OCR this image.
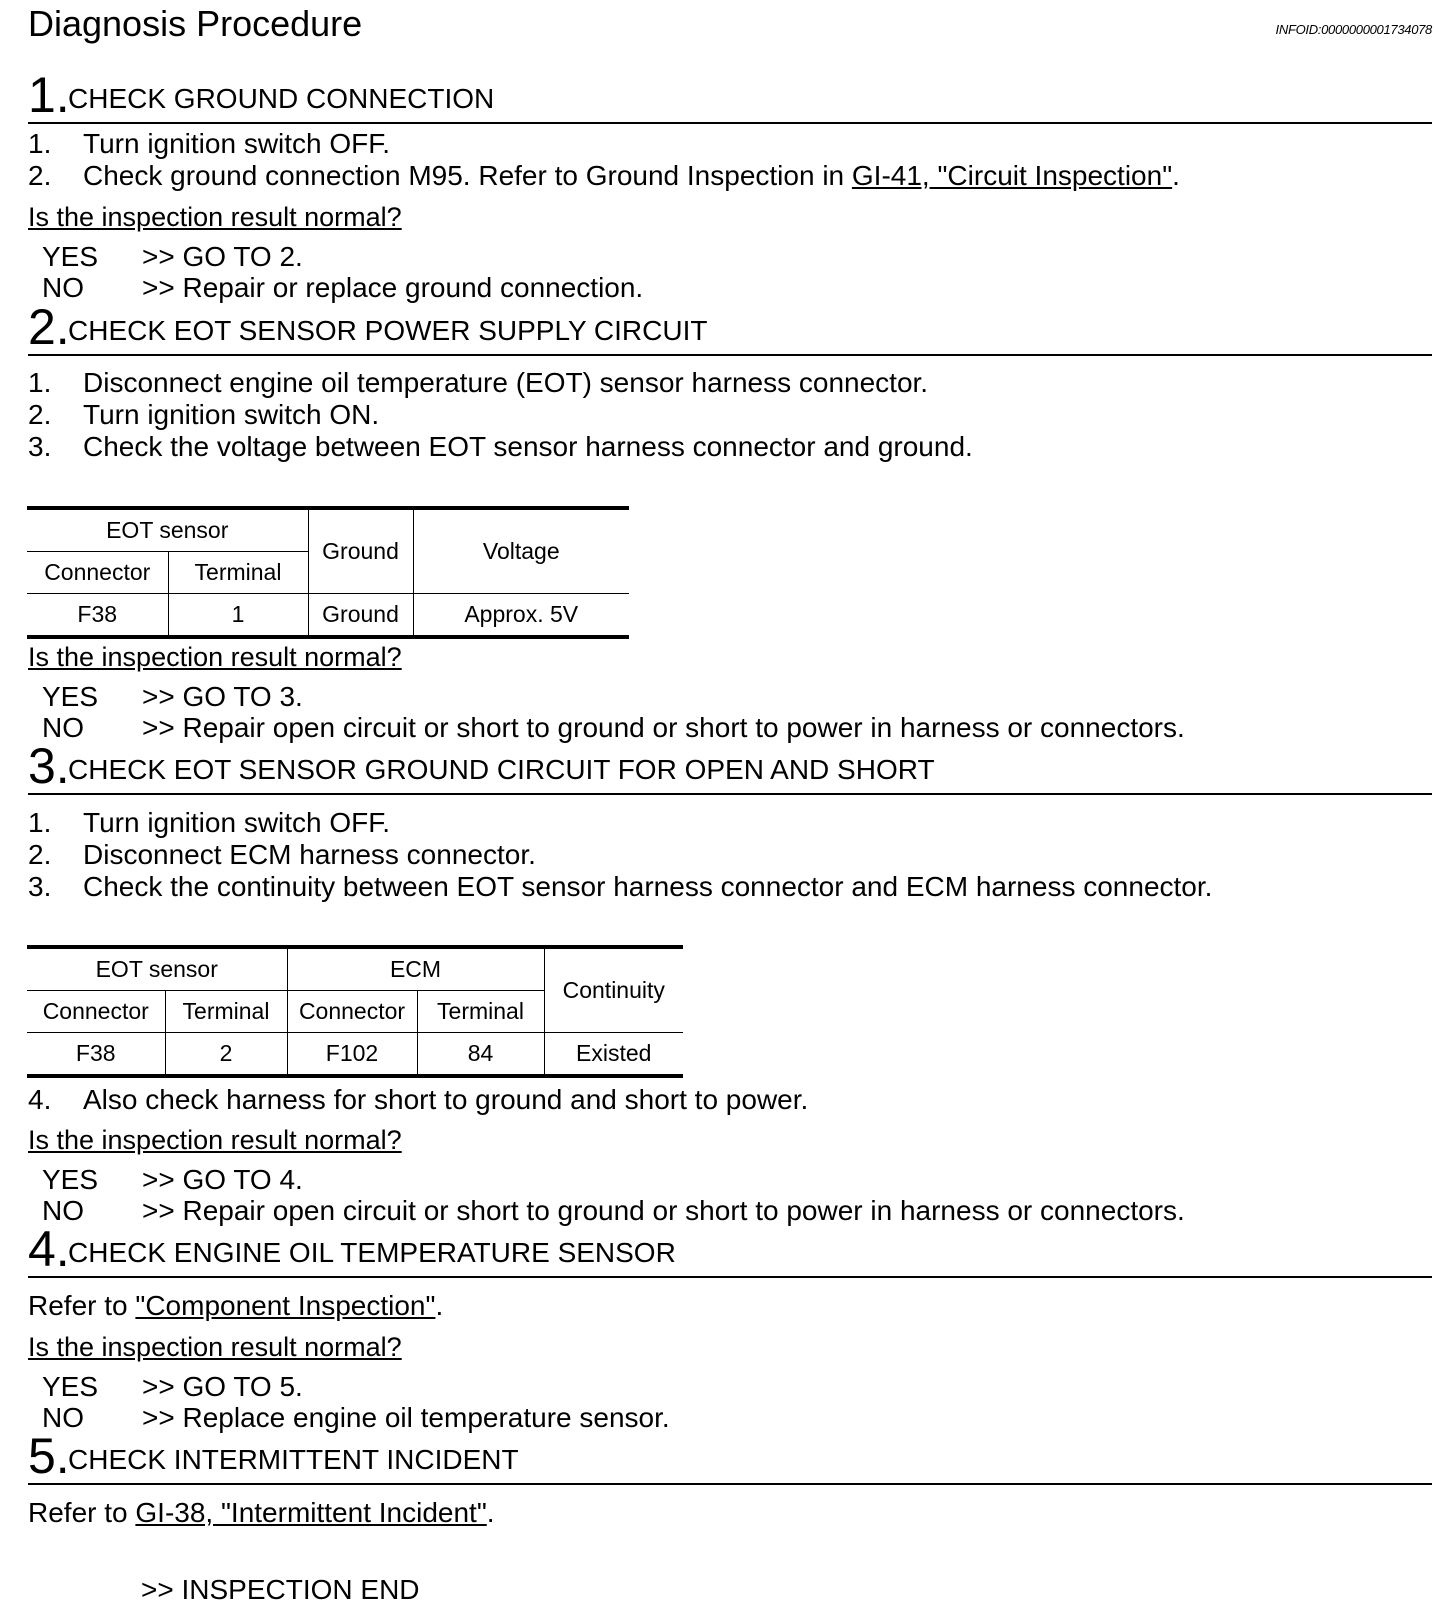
Diagnosis Procedure	INFOID:0000000001734078
1.
CHECK GROUND CONNECTION
1. Turn ignition switch OFF.
2. Check ground connection M95. Refer to Ground Inspection in GI-41, "Circuit Inspection".
Is the inspection result normal?
YES >> GO TO 2.
NO >> Repair or replace ground connection.
2.
CHECK EOT SENSOR POWER SUPPLY CIRCUIT
1. Disconnect engine oil temperature (EOT) sensor harness connector.
2. Turn ignition switch ON.
3. Check the voltage between EOT sensor harness connector and ground.
EOT sensor		Ground	Voltage
Connector	Terminal		
F38	1	Ground	Approx. 5V
Is the inspection result normal?
YES >> GO TO 3.
NO >> Repair open circuit or short to ground or short to power in harness or connectors.
3.
CHECK EOT SENSOR GROUND CIRCUIT FOR OPEN AND SHORT
1. Turn ignition switch OFF.
2. Disconnect ECM harness connector.
3. Check the continuity between EOT sensor harness connector and ECM harness connector.
EOT sensor		ECM		Continuity
Connector	Terminal	Connector	Terminal	
F38	2	F102	84	Existed
4. Also check harness for short to ground and short to power.
Is the inspection result normal?
YES >> GO TO 4.
NO >> Repair open circuit or short to ground or short to power in harness or connectors.
4.
CHECK ENGINE OIL TEMPERATURE SENSOR
Refer to "Component Inspection".
Is the inspection result normal?
YES >> GO TO 5.
NO >> Replace engine oil temperature sensor.
5.
CHECK INTERMITTENT INCIDENT
Refer to GI-38, "Intermittent Incident".
>> INSPECTION END
